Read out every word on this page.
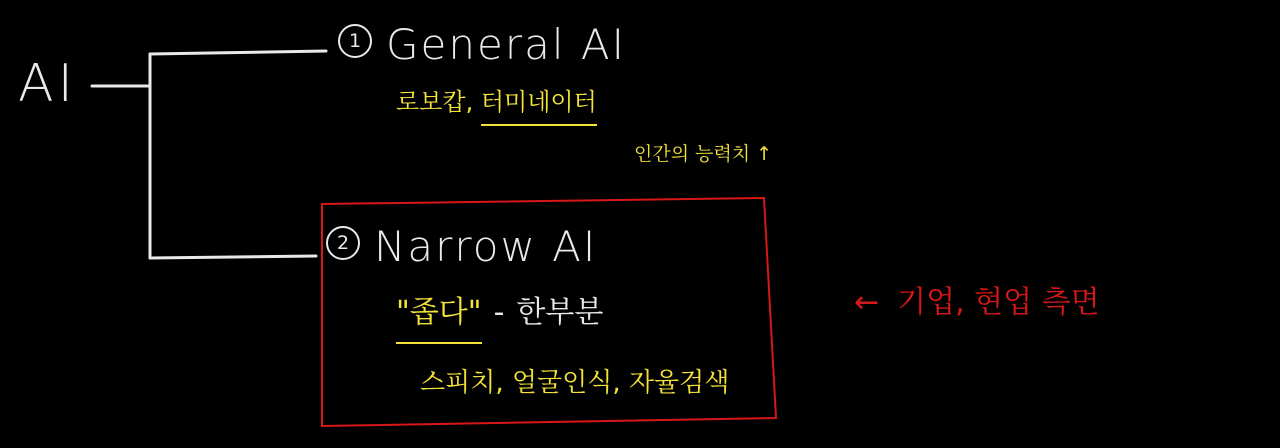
AI
1 General AI
로보캅, 터미네이터
인간의 능력치 ↑
2 Narrow AI
"좁다" - 한부분
스피치, 얼굴인식, 자율검색
← 기업, 현업 측면
